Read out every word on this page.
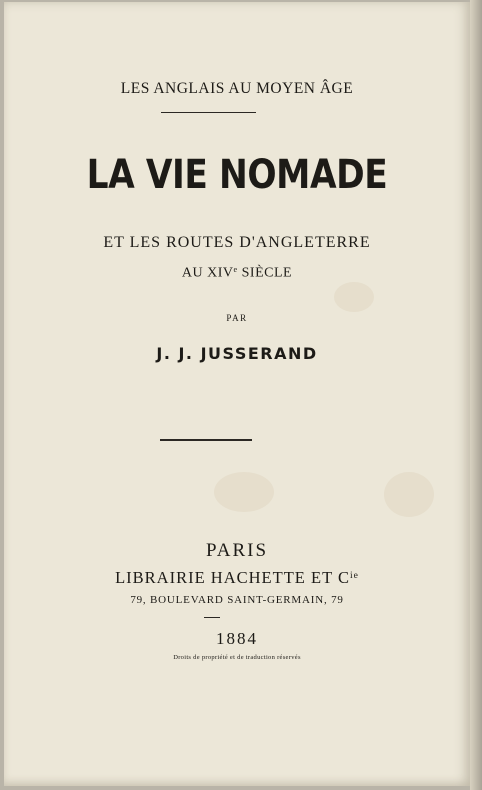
LES ANGLAIS AU MOYEN ÂGE
LA VIE NOMADE
ET LES ROUTES D'ANGLETERRE
AU XIVe SIÈCLE
PAR
J. J. JUSSERAND
PARIS
LIBRAIRIE HACHETTE ET $C^{ie}$
79, BOULEVARD SAINT-GERMAIN, 79
1884
Droits de propriété et de traduction réservés
